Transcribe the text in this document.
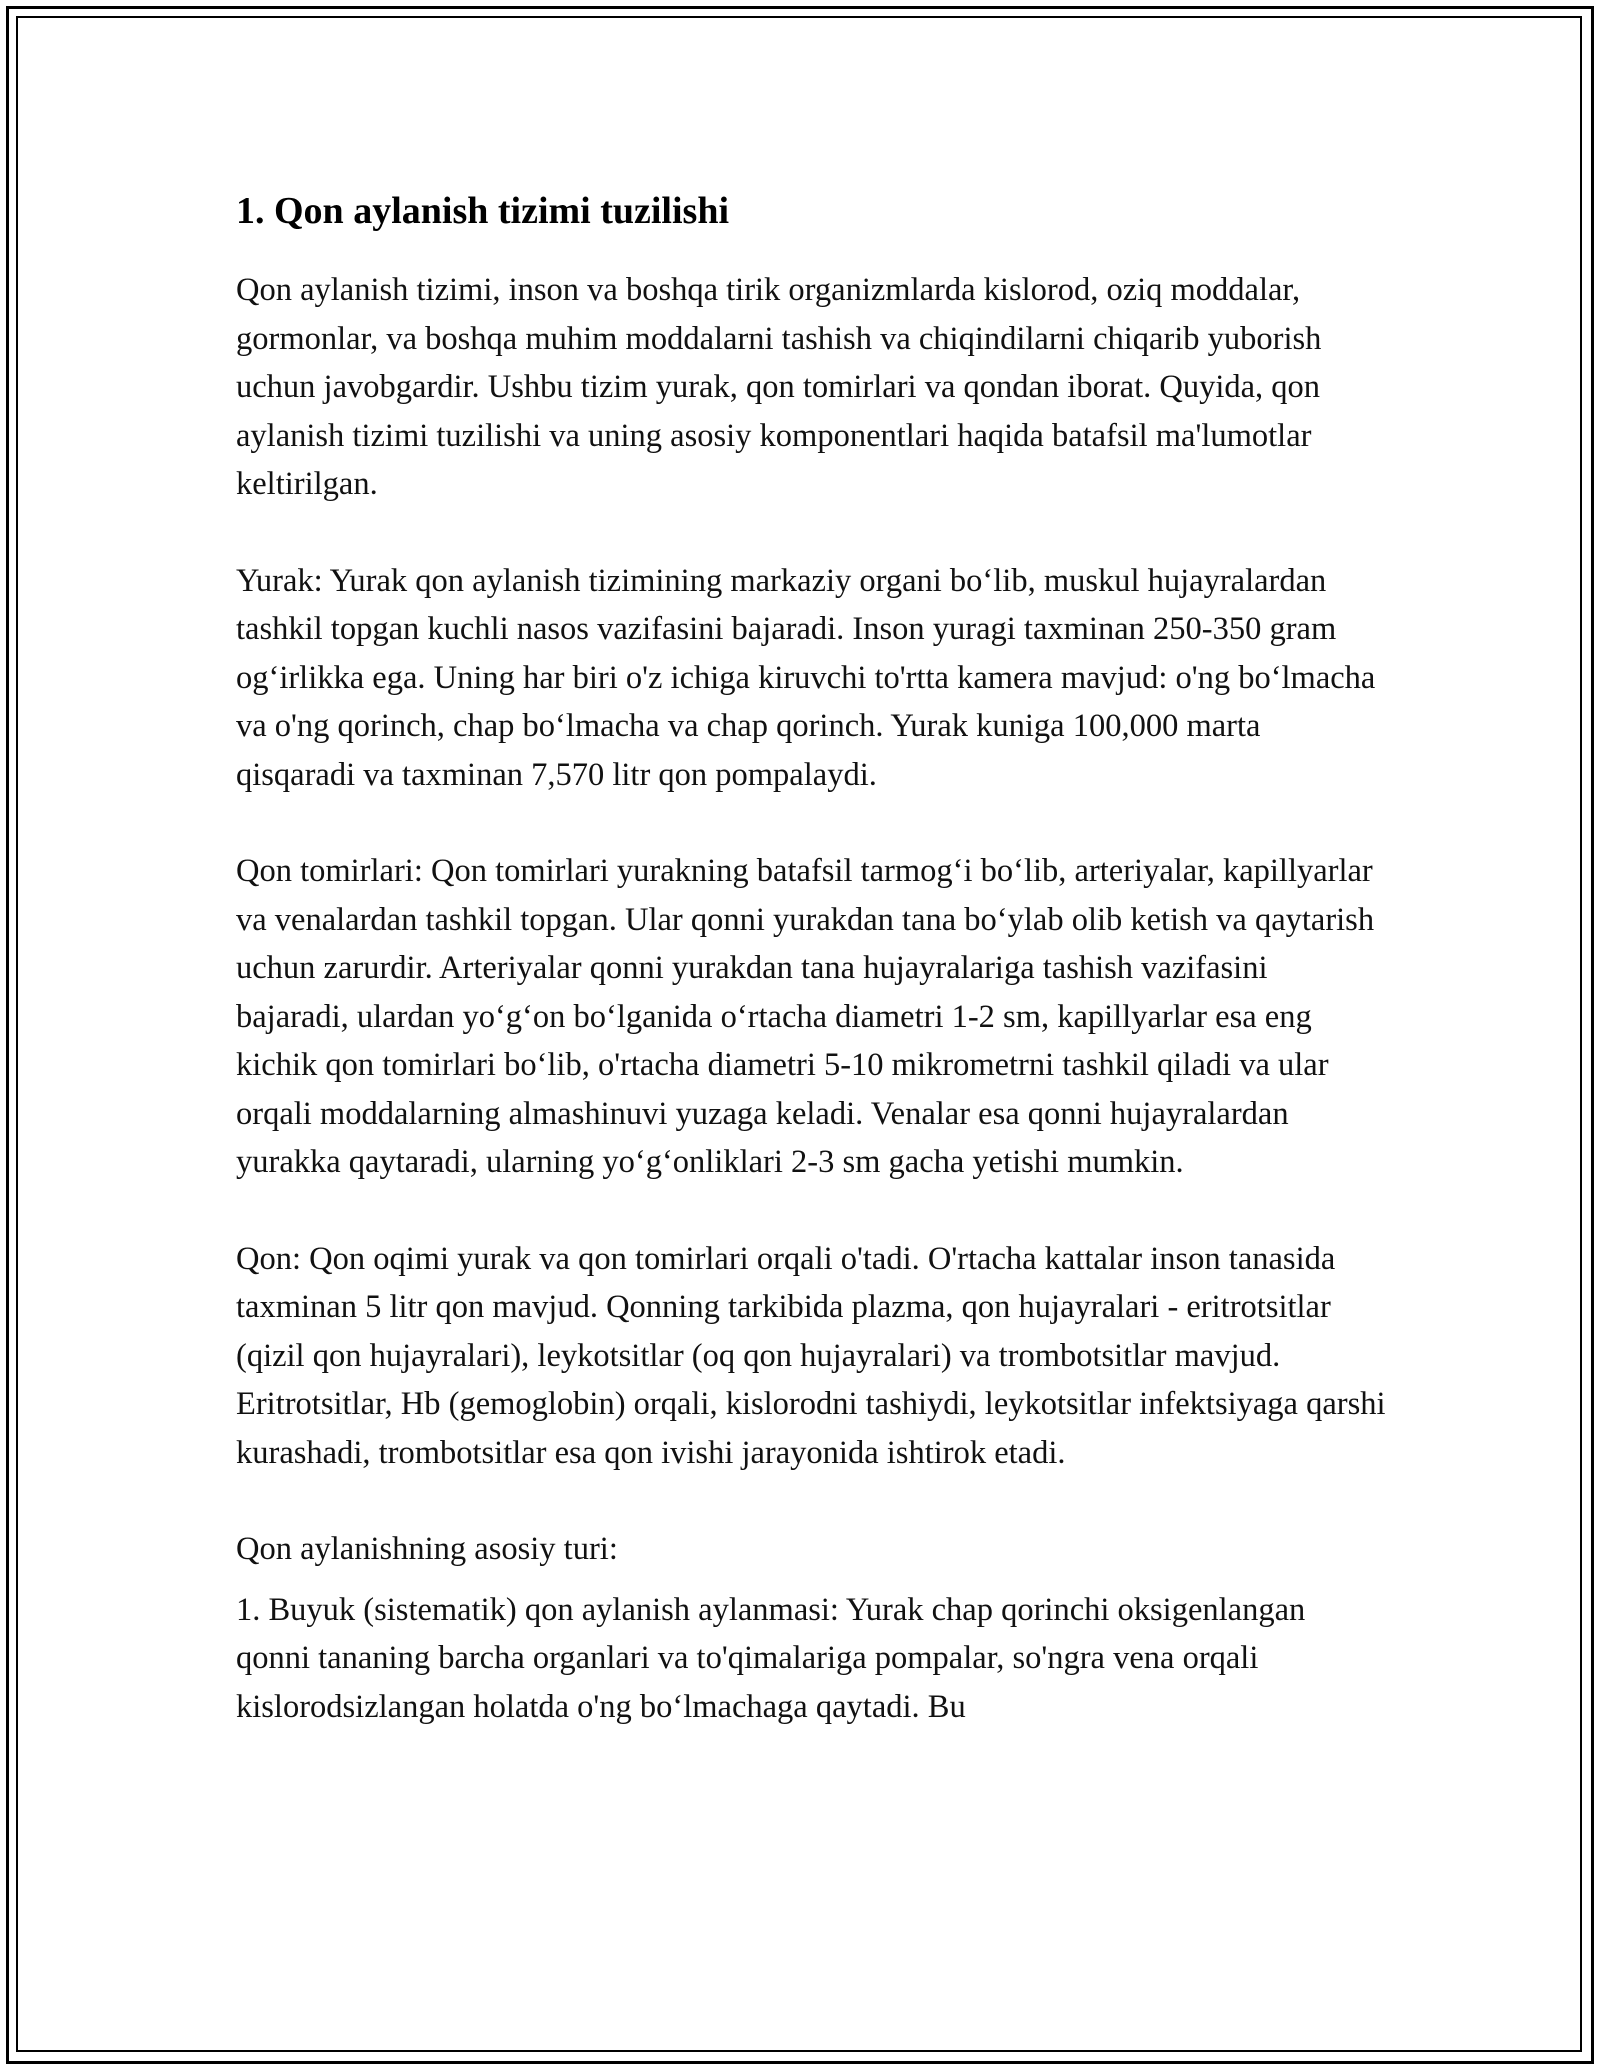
1. Qon aylanish tizimi tuzilishi

Qon aylanish tizimi, inson va boshqa tirik organizmlarda kislorod, oziq moddalar, gormonlar, va boshqa muhim moddalarni tashish va chiqindilarni chiqarib yuborish uchun javobgardir. Ushbu tizim yurak, qon tomirlari va qondan iborat. Quyida, qon aylanish tizimi tuzilishi va uning asosiy komponentlari haqida batafsil ma'lumotlar keltirilgan.

Yurak: Yurak qon aylanish tizimining markaziy organi bo‘lib, muskul hujayralardan tashkil topgan kuchli nasos vazifasini bajaradi. Inson yuragi taxminan 250-350 gram og‘irlikka ega. Uning har biri o'z ichiga kiruvchi to'rtta kamera mavjud: o'ng bo‘lmacha va o'ng qorinch, chap bo‘lmacha va chap qorinch. Yurak kuniga 100,000 marta qisqaradi va taxminan 7,570 litr qon pompalaydi.

Qon tomirlari: Qon tomirlari yurakning batafsil tarmog‘i bo‘lib, arteriyalar, kapillyarlar va venalardan tashkil topgan. Ular qonni yurakdan tana bo‘ylab olib ketish va qaytarish uchun zarurdir. Arteriyalar qonni yurakdan tana hujayralariga tashish vazifasini bajaradi, ulardan yo‘g‘on bo‘lganida o‘rtacha diametri 1-2 sm, kapillyarlar esa eng kichik qon tomirlari bo‘lib, o'rtacha diametri 5-10 mikrometrni tashkil qiladi va ular orqali moddalarning almashinuvi yuzaga keladi. Venalar esa qonni hujayralardan yurakka qaytaradi, ularning yo‘g‘onliklari 2-3 sm gacha yetishi mumkin.

Qon: Qon oqimi yurak va qon tomirlari orqali o'tadi. O'rtacha kattalar inson tanasida taxminan 5 litr qon mavjud. Qonning tarkibida plazma, qon hujayralari - eritrotsitlar (qizil qon hujayralari), leykotsitlar (oq qon hujayralari) va trombotsitlar mavjud. Eritrotsitlar, Hb (gemoglobin) orqali, kislorodni tashiydi, leykotsitlar infektsiyaga qarshi kurashadi, trombotsitlar esa qon ivishi jarayonida ishtirok etadi.

Qon aylanishning asosiy turi:

1. Buyuk (sistematik) qon aylanish aylanmasi: Yurak chap qorinchi oksigenlangan qonni tananing barcha organlari va to'qimalariga pompalar, so'ngra vena orqali kislorodsizlangan holatda o'ng bo‘lmachaga qaytadi. Bu
